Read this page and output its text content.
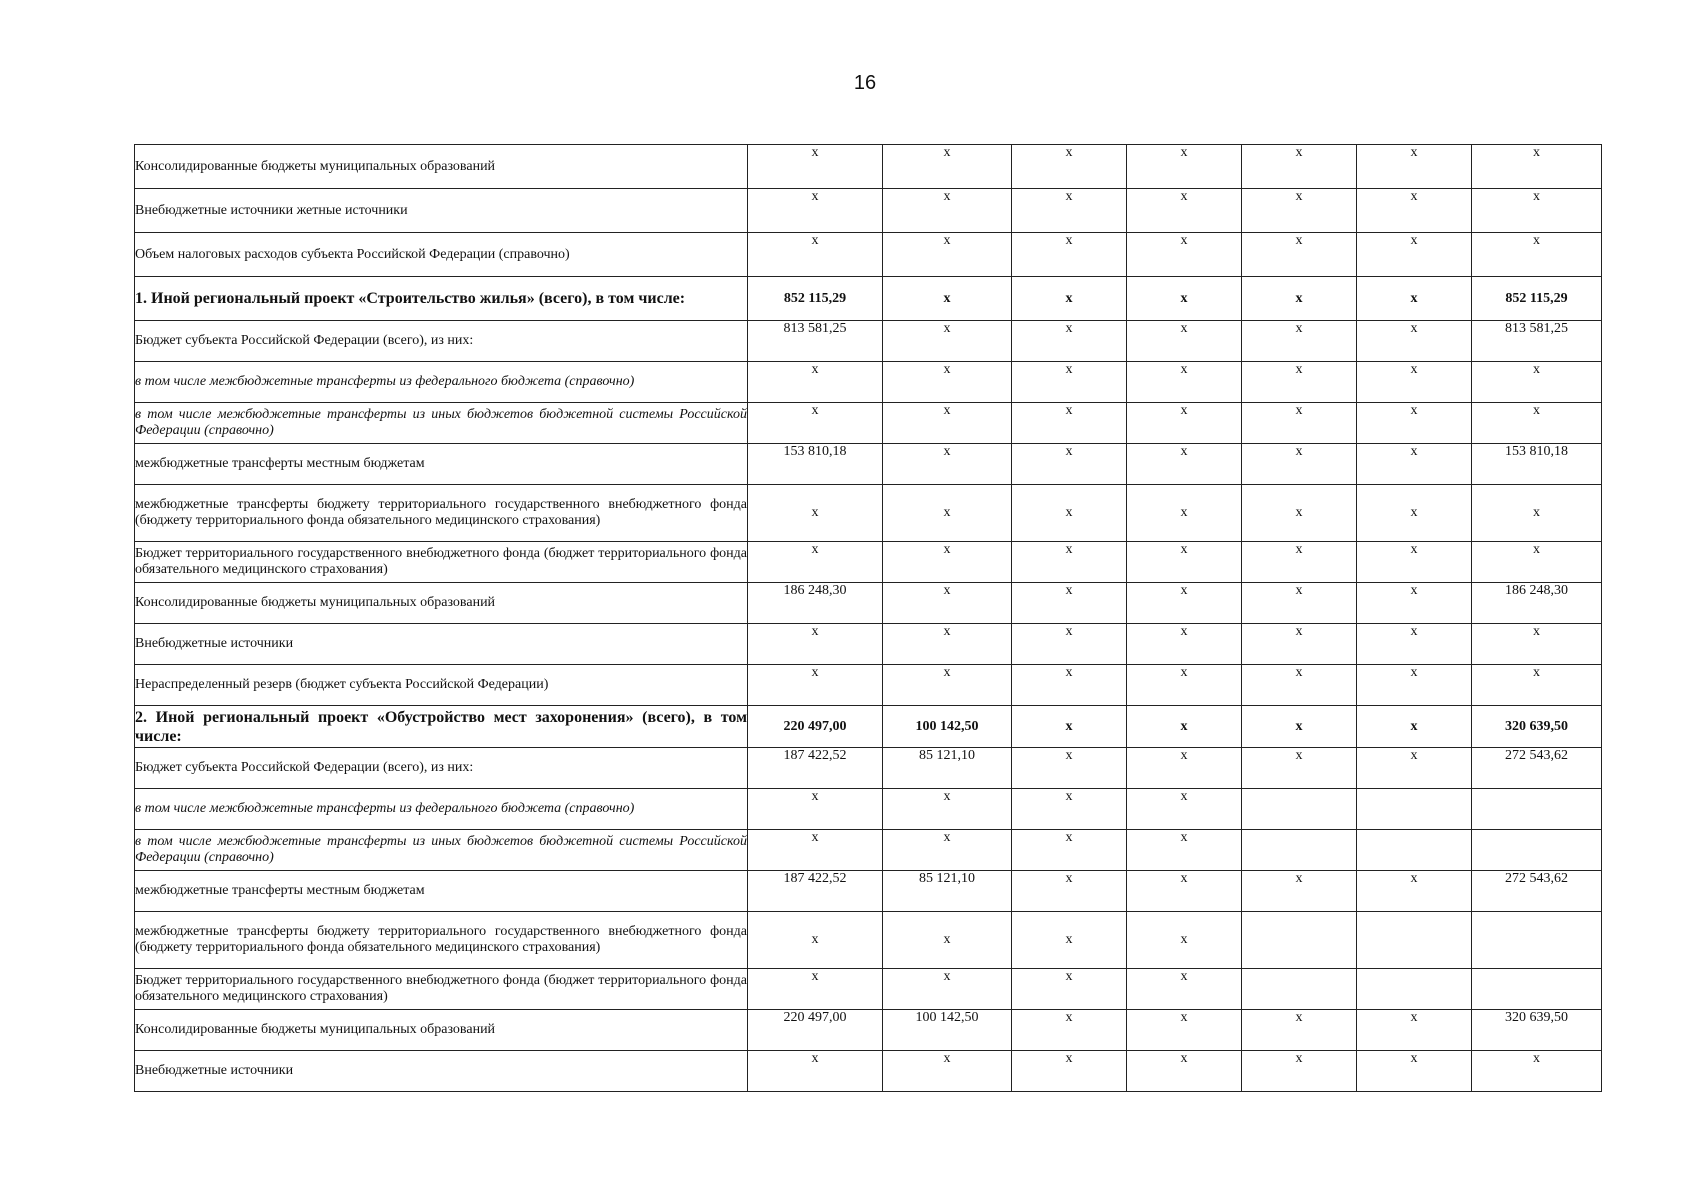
16
Консолидированные бюджеты муниципальных образований	x	x	x	x	x	x	x
Внебюджетные источники жетные источники	x	x	x	x	x	x	x
Объем налоговых расходов субъекта Российской Федерации (справочно)	x	x	x	x	x	x	x
1. Иной региональный проект «Строительство жилья» (всего), в том числе:	852 115,29	x	x	x	x	x	852 115,29
Бюджет субъекта Российской Федерации (всего), из них:	813 581,25	x	x	x	x	x	813 581,25
в том числе межбюджетные трансферты из федерального бюджета (справочно)	x	x	x	x	x	x	x
в том числе межбюджетные трансферты из иных бюджетов бюджетной системы Российской Федерации (справочно)	x	x	x	x	x	x	x
межбюджетные трансферты местным бюджетам	153 810,18	x	x	x	x	x	153 810,18
межбюджетные трансферты бюджету территориального государственного внебюджетного фонда (бюджету территориального фонда обязательного медицинского страхования)	x	x	x	x	x	x	x
Бюджет территориального государственного внебюджетного фонда (бюджет территориального фонда обязательного медицинского страхования)	x	x	x	x	x	x	x
Консолидированные бюджеты муниципальных образований	186 248,30	x	x	x	x	x	186 248,30
Внебюджетные источники	x	x	x	x	x	x	x
Нераспределенный резерв (бюджет субъекта Российской Федерации)	x	x	x	x	x	x	x
2. Иной региональный проект «Обустройство мест захоронения» (всего), в том числе:	220 497,00	100 142,50	x	x	x	x	320 639,50
Бюджет субъекта Российской Федерации (всего), из них:	187 422,52	85 121,10	x	x	x	x	272 543,62
в том числе межбюджетные трансферты из федерального бюджета (справочно)	x	x	x	x			
в том числе межбюджетные трансферты из иных бюджетов бюджетной системы Российской Федерации (справочно)	x	x	x	x			
межбюджетные трансферты местным бюджетам	187 422,52	85 121,10	x	x	x	x	272 543,62
межбюджетные трансферты бюджету территориального государственного внебюджетного фонда (бюджету территориального фонда обязательного медицинского страхования)	x	x	x	x			
Бюджет территориального государственного внебюджетного фонда (бюджет территориального фонда обязательного медицинского страхования)	x	x	x	x			
Консолидированные бюджеты муниципальных образований	220 497,00	100 142,50	x	x	x	x	320 639,50
Внебюджетные источники	x	x	x	x	x	x	x
